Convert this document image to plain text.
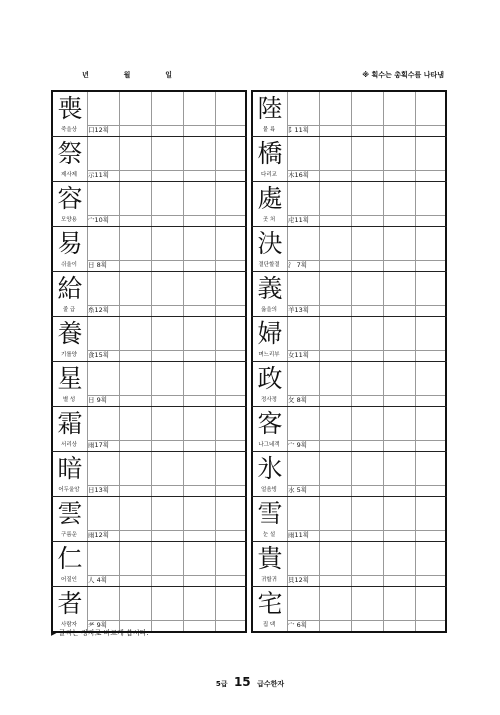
년	월	일	※ 획수는 총획수를 나타냄
喪
죽을상	口12획
祭
제사제	示11획
容
모양용	宀10획
易
쉬울이	日 8획
給
줄 급	糸12획
養
기를양	食15획
星
별 성	日 9획
霜
서리상	雨17획
暗
어두울암	日13획
雲
구름운	雨12획
仁
어질인	人 4획
者
사람자	耂 9획
陸
뭍 륙	阝11획
橋
다리교	木16획
處
곳 처	虍11획
決
결단할결	氵 7획
義
옳을의	羊13획
婦
며느리부	女11획
政
정사정	攵 8획
客
나그네객	宀 9획
氷
얼음빙	水 5획
雪
눈 설	雨11획
貴
귀할귀	貝12획
宅
집 댁	宀 6획
▶ 글씨는 정자로 바르게 씁시다.
5급 15 급수한자
